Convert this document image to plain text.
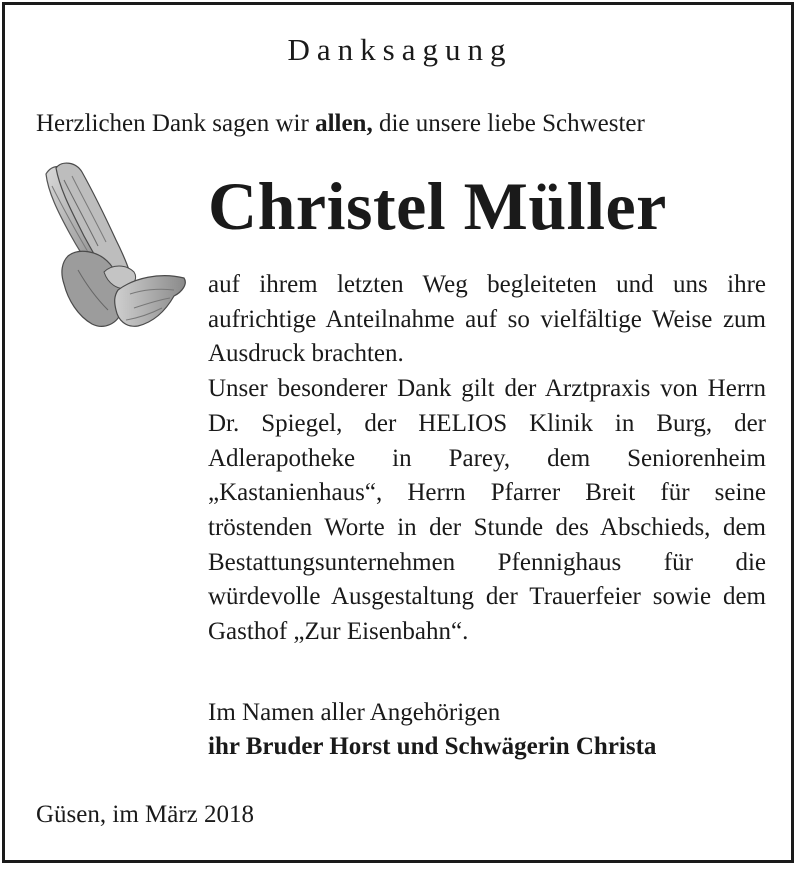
Danksagung
Herzlichen Dank sagen wir allen, die unsere liebe Schwester
Christel Müller

auf ihrem letzten Weg begleiteten und uns ihre aufrichtige Anteilnahme auf so vielfältige Weise zum Ausdruck brachten.

Unser besonderer Dank gilt der Arztpraxis von Herrn Dr. Spiegel, der HELIOS Klinik in Burg, der Adlerapotheke in Parey, dem Seniorenheim „Kastanienhaus“, Herrn Pfarrer Breit für seine tröstenden Worte in der Stunde des Abschieds, dem Bestattungsunternehmen Pfennighaus für die würdevolle Ausgestaltung der Trauerfeier sowie dem Gasthof „Zur Eisenbahn“.

Im Namen aller Angehörigen
ihr Bruder Horst und Schwägerin Christa
Güsen, im März 2018
